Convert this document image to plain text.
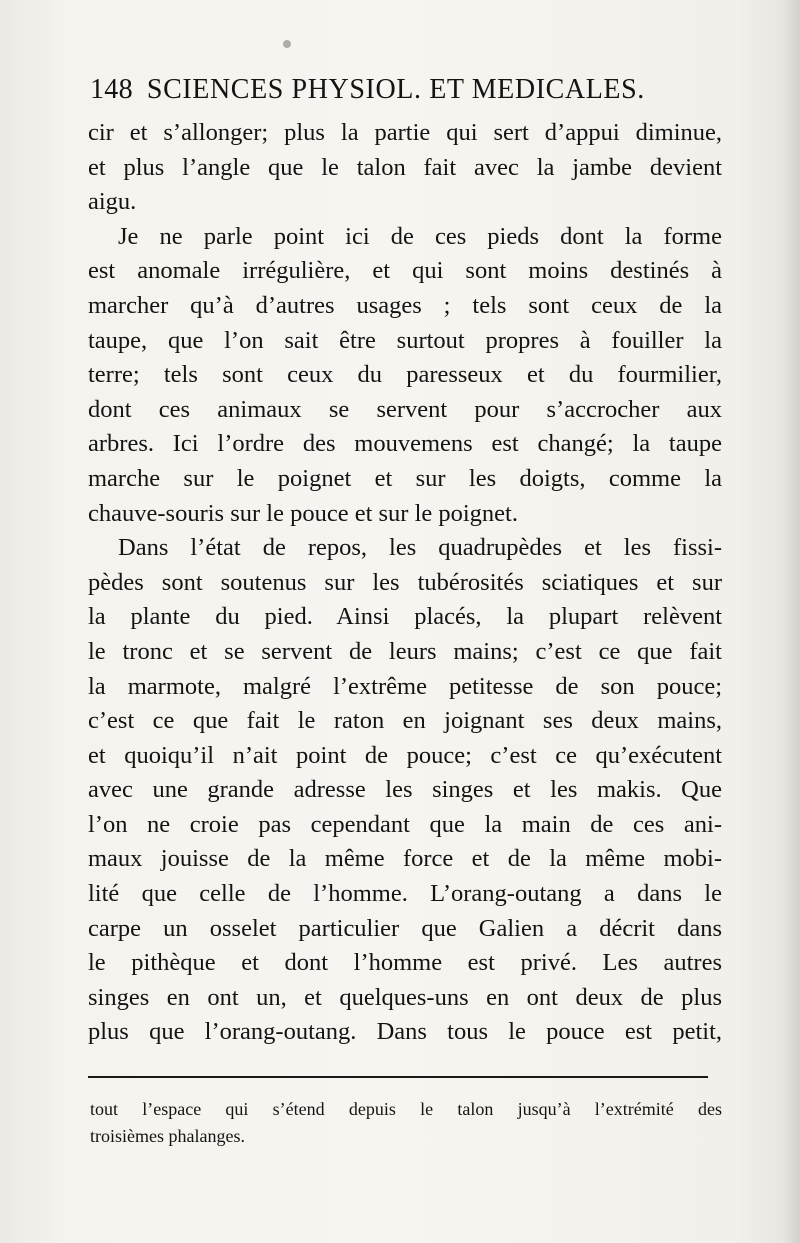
148 SCIENCES PHYSIOL. ET MEDICALES.
cir et s’allonger; plus la partie qui sert d’appui diminue,
et plus l’angle que le talon fait avec la jambe devient
aigu.
Je ne parle point ici de ces pieds dont la forme
est anomale irrégulière, et qui sont moins destinés à
marcher qu’à d’autres usages ; tels sont ceux de la
taupe, que l’on sait être surtout propres à fouiller la
terre; tels sont ceux du paresseux et du fourmilier,
dont ces animaux se servent pour s’accrocher aux
arbres. Ici l’ordre des mouvemens est changé; la taupe
marche sur le poignet et sur les doigts, comme la
chauve-souris sur le pouce et sur le poignet.
Dans l’état de repos, les quadrupèdes et les fissi-
pèdes sont soutenus sur les tubérosités sciatiques et sur
la plante du pied. Ainsi placés, la plupart relèvent
le tronc et se servent de leurs mains; c’est ce que fait
la marmote, malgré l’extrême petitesse de son pouce;
c’est ce que fait le raton en joignant ses deux mains,
et quoiqu’il n’ait point de pouce; c’est ce qu’exécutent
avec une grande adresse les singes et les makis. Que
l’on ne croie pas cependant que la main de ces ani-
maux jouisse de la même force et de la même mobi-
lité que celle de l’homme. L’orang-outang a dans le
carpe un osselet particulier que Galien a décrit dans
le pithèque et dont l’homme est privé. Les autres
singes en ont un, et quelques-uns en ont deux de plus
plus que l’orang-outang. Dans tous le pouce est petit,
tout l’espace qui s’étend depuis le talon jusqu’à l’extrémité des
troisièmes phalanges.
